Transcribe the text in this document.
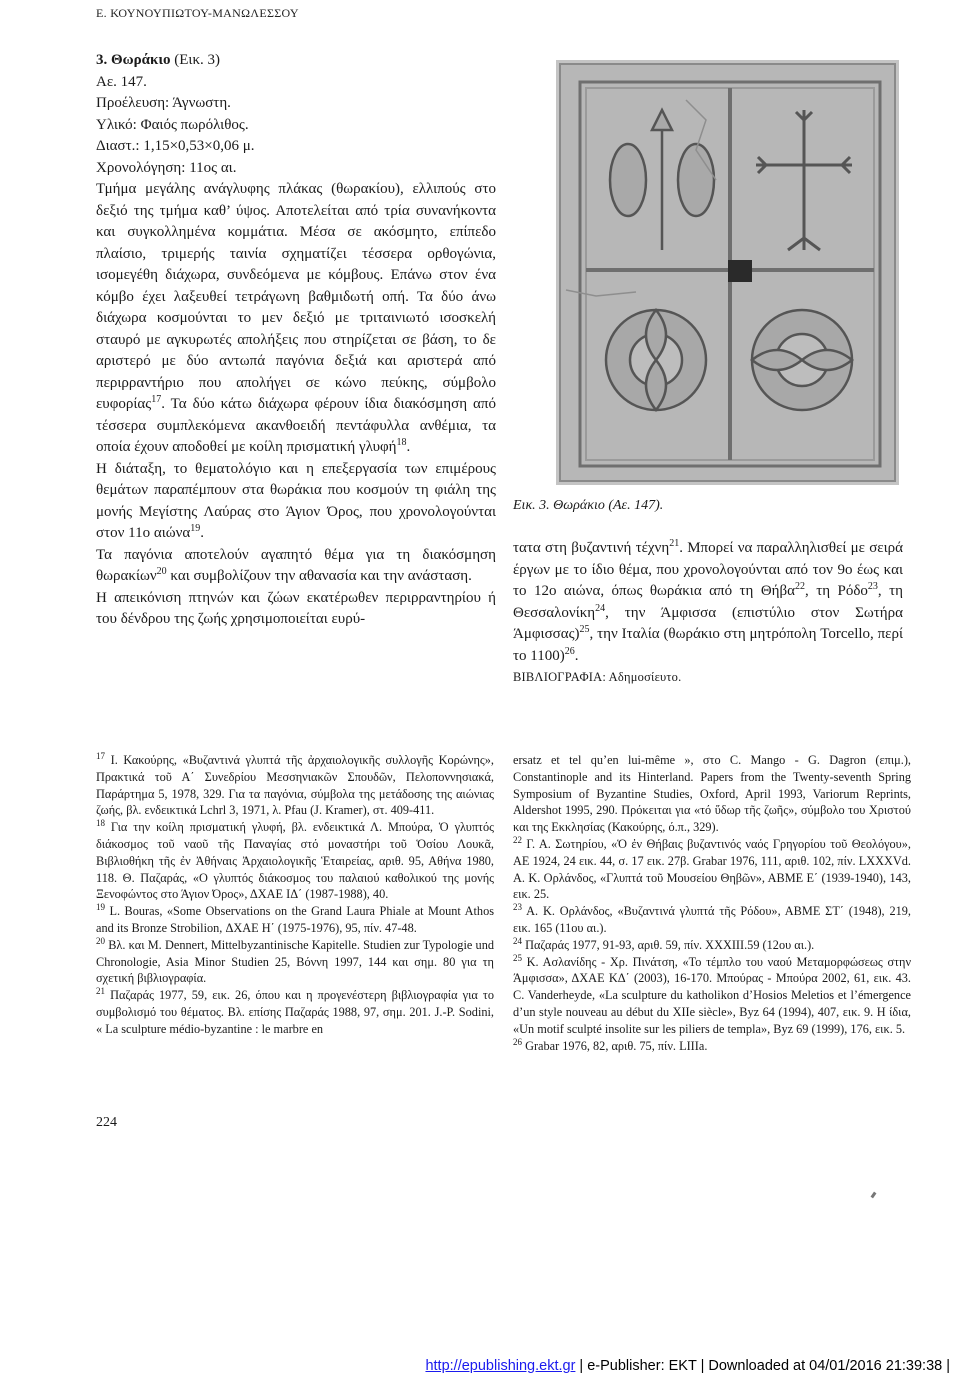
Ε. ΚΟΥΝΟΥΠΙΩΤΟΥ-ΜΑΝΩΛΕΣΣΟΥ

3. Θωράκιο (Εικ. 3)

Αε. 147.

Προέλευση: Άγνωστη.

Υλικό: Φαιός πωρόλιθος.

Διαστ.: 1,15×0,53×0,06 μ.

Χρονολόγηση: 11ος αι.

Τμήμα μεγάλης ανάγλυφης πλάκας (θωρακίου), ελλιπούς στο δεξιό της τμήμα καθ’ ύψος. Αποτελείται από τρία συνανήκοντα και συγκολλημένα κομμάτια. Μέσα σε ακόσμητο, επίπεδο πλαίσιο, τριμερής ταινία σχηματίζει τέσσερα ορθογώνια, ισομεγέθη διάχωρα, συνδεόμενα με κόμβους. Επάνω στον ένα κόμβο έχει λαξευθεί τετράγωνη βαθμιδωτή οπή. Τα δύο άνω διάχωρα κοσμούνται το μεν δεξιό με τριταινιωτό ισοσκελή σταυρό με αγκυρωτές απολήξεις που στηρίζεται σε βάση, το δε αριστερό με δύο αντωπά παγόνια δεξιά και αριστερά από περιρραντήριο που απολήγει σε κώνο πεύκης, σύμβολο ευφορίας$^{17}$. Τα δύο κάτω διάχωρα φέρουν ίδια διακόσμηση από τέσσερα συμπλεκόμενα ακανθοειδή πεντάφυλλα ανθέμια, τα οποία έχουν αποδοθεί με κοίλη πρισματική γλυφή$^{18}$.

Η διάταξη, το θεματολόγιο και η επεξεργασία των επιμέρους θεμάτων παραπέμπουν στα θωράκια που κοσμούν τη φιάλη της μονής Μεγίστης Λαύρας στο Άγιον Όρος, που χρονολογούνται στον 11ο αιώνα$^{19}$.

Τα παγόνια αποτελούν αγαπητό θέμα για τη διακόσμηση θωρακίων$^{20}$ και συμβολίζουν την αθανασία και την ανάσταση.

Η απεικόνιση πτηνών και ζώων εκατέρωθεν περιρραντηρίου ή του δένδρου της ζωής χρησιμοποιείται ευρύ-

Εικ. 3. Θωράκιο (Αε. 147).

τατα στη βυζαντινή τέχνη$^{21}$. Μπορεί να παραλληλισθεί με σειρά έργων με το ίδιο θέμα, που χρονολογούνται από τον 9ο έως και το 12ο αιώνα, όπως θωράκια από τη Θήβα$^{22}$, τη Ρόδο$^{23}$, τη Θεσσαλονίκη$^{24}$, την Άμφισσα (επιστύλιο στον Σωτήρα Άμφισσας)$^{25}$, την Ιταλία (θωράκιο στη μητρόπολη Torcello, περί το 1100)$^{26}$.

ΒΙΒΛΙΟΓΡΑΦΙΑ: Αδημοσίευτο.

$^{17}$ Ι. Κακούρης, «Βυζαντινά γλυπτά τῆς ἀρχαιολογικῆς συλλογῆς Κορώνης», Πρακτικά τοῦ Α΄ Συνεδρίου Μεσσηνιακῶν Σπουδῶν, Πελοποννησιακά, Παράρτημα 5, 1978, 329. Για τα παγόνια, σύμβολα της μετάδοσης της αιώνιας ζωής, βλ. ενδεικτικά Lchrl 3, 1971, λ. Pfau (J. Kramer), στ. 409-411.

$^{18}$ Για την κοίλη πρισματική γλυφή, βλ. ενδεικτικά Λ. Μπούρα, Ὁ γλυπτός διάκοσμος τοῦ ναοῦ τῆς Παναγίας στό μοναστήρι τοῦ Ὁσίου Λουκᾶ, Βιβλιοθήκη τῆς ἐν Ἀθήναις Ἀρχαιολογικῆς Ἑταιρείας, αριθ. 95, Αθήνα 1980, 118. Θ. Παζαράς, «Ο γλυπτός διάκοσμος του παλαιού καθολικού της μονής Ξενοφώντος στο Άγιον Όρος», ΔΧΑΕ ΙΔ΄ (1987-1988), 40.

$^{19}$ L. Bouras, «Some Observations on the Grand Laura Phiale at Mount Athos and its Bronze Strobilion, ΔΧΑΕ Η΄ (1975-1976), 95, πίν. 47-48.

$^{20}$ Βλ. και M. Dennert, Mittelbyzantinische Kapitelle. Studien zur Typologie und Chronologie, Asia Minor Studien 25, Βόννη 1997, 144 και σημ. 80 για τη σχετική βιβλιογραφία.

$^{21}$ Παζαράς 1977, 59, εικ. 26, όπου και η προγενέστερη βιβλιογραφία για το συμβολισμό του θέματος. Βλ. επίσης Παζαράς 1988, 97, σημ. 201. J.-P. Sodini, « La sculpture médio-byzantine : le marbre en

ersatz et tel qu’en lui-même », στο C. Mango - G. Dagron (επιμ.), Constantinople and its Hinterland. Papers from the Twenty-seventh Spring Symposium of Byzantine Studies, Oxford, April 1993, Variorum Reprints, Aldershot 1995, 290. Πρόκειται για «τό ὕδωρ τῆς ζωῆς», σύμβολο του Χριστού και της Εκκλησίας (Κακούρης, ό.π., 329).

$^{22}$ Γ. Α. Σωτηρίου, «Ὁ ἐν Θήβαις βυζαντινός ναός Γρηγορίου τοῦ Θεολόγου», ΑΕ 1924, 24 εικ. 44, σ. 17 εικ. 27β. Grabar 1976, 111, αριθ. 102, πίν. LXXXVd. Α. Κ. Ορλάνδος, «Γλυπτά τοῦ Μουσείου Θηβῶν», ΑΒΜΕ Ε΄ (1939-1940), 143, εικ. 25.

$^{23}$ Α. Κ. Ορλάνδος, «Βυζαντινά γλυπτά τῆς Ρόδου», ΑΒΜΕ ΣΤ΄ (1948), 219, εικ. 165 (11ου αι.).

$^{24}$ Παζαράς 1977, 91-93, αριθ. 59, πίν. XXXIII.59 (12ου αι.).

$^{25}$ Κ. Ασλανίδης - Χρ. Πινάτση, «Το τέμπλο του ναού Μεταμορφώσεως στην Άμφισσα», ΔΧΑΕ ΚΔ΄ (2003), 16-170. Μπούρας - Μπούρα 2002, 61, εικ. 43. C. Vanderheyde, «La sculpture du katholikon d’Hosios Meletios et l’émergence d’un style nouveau au début du XIIe siècle», Byz 64 (1994), 407, εικ. 9. Η ίδια, «Un motif sculpté insolite sur les piliers de templa», Byz 69 (1999), 176, εικ. 5.

$^{26}$ Grabar 1976, 82, αριθ. 75, πίν. LIIIa.

224
http://epublishing.ekt.gr | e-Publisher: EKT | Downloaded at 04/01/2016 21:39:38 |
